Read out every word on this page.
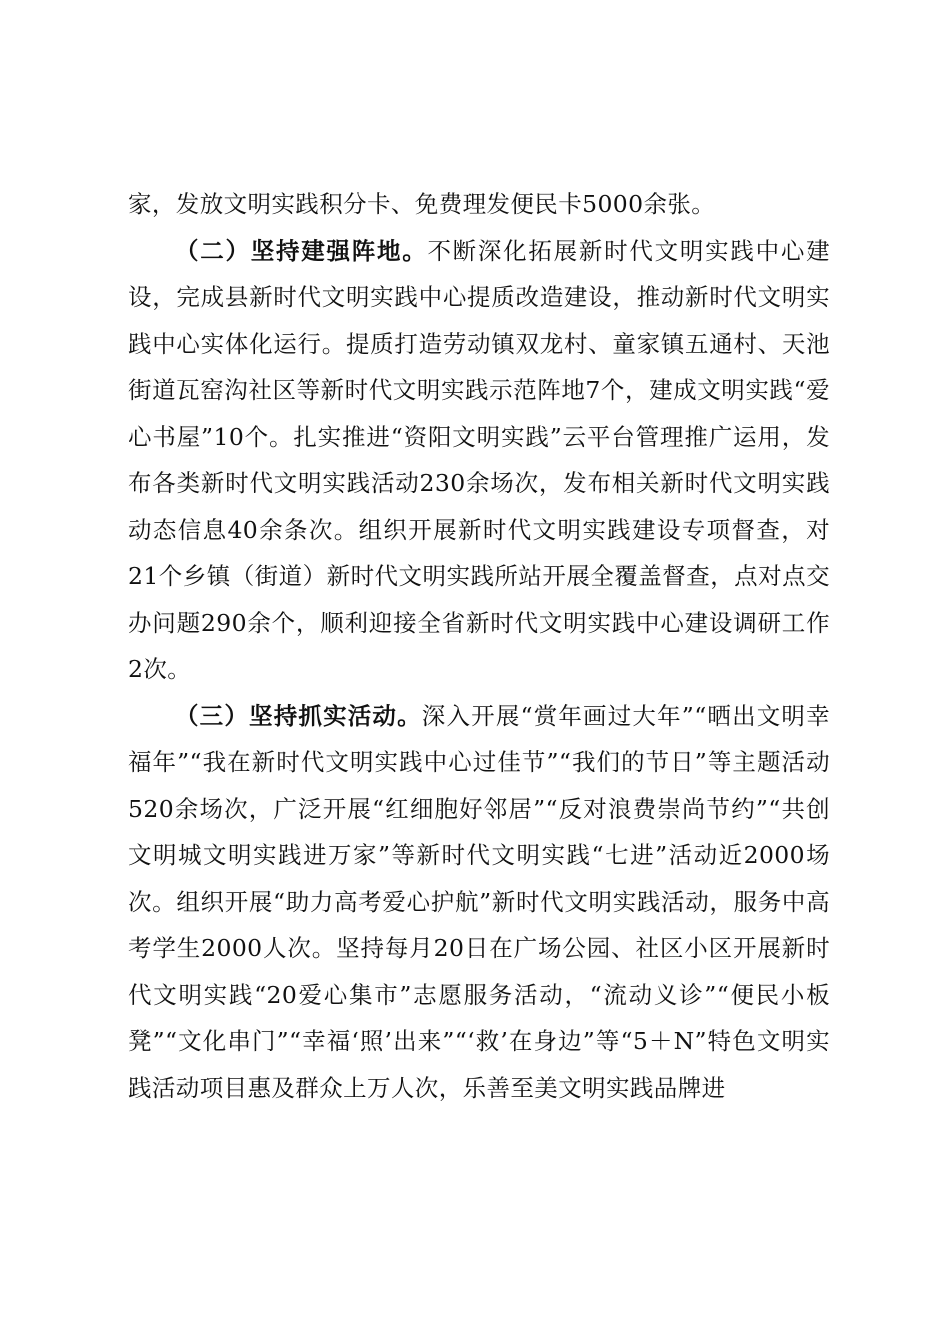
家，发放文明实践积分卡、免费理发便民卡5000余张。

（二）坚持建强阵地。不断深化拓展新时代文明实践中心建设，完成县新时代文明实践中心提质改造建设，推动新时代文明实践中心实体化运行。提质打造劳动镇双龙村、童家镇五通村、天池街道瓦窑沟社区等新时代文明实践示范阵地7个，建成文明实践“爱心书屋”10个。扎实推进“资阳文明实践”云平台管理推广运用，发布各类新时代文明实践活动230余场次，发布相关新时代文明实践动态信息40余条次。组织开展新时代文明实践建设专项督查，对21个乡镇（街道）新时代文明实践所站开展全覆盖督查，点对点交办问题290余个，顺利迎接全省新时代文明实践中心建设调研工作2次。

（三）坚持抓实活动。深入开展“赏年画过大年”“晒出文明幸福年”“我在新时代文明实践中心过佳节”“我们的节日”等主题活动520余场次，广泛开展“红细胞好邻居”“反对浪费崇尚节约”“共创文明城文明实践进万家”等新时代文明实践“七进”活动近2000场次。组织开展“助力高考爱心护航”新时代文明实践活动，服务中高考学生2000人次。坚持每月20日在广场公园、社区小区开展新时代文明实践“20爱心集市”志愿服务活动，“流动义诊”“便民小板凳”“文化串门”“幸福‘照’出来”“‘救’在身边”等“5＋N”特色文明实践活动项目惠及群众上万人次，乐善至美文明实践品牌进
